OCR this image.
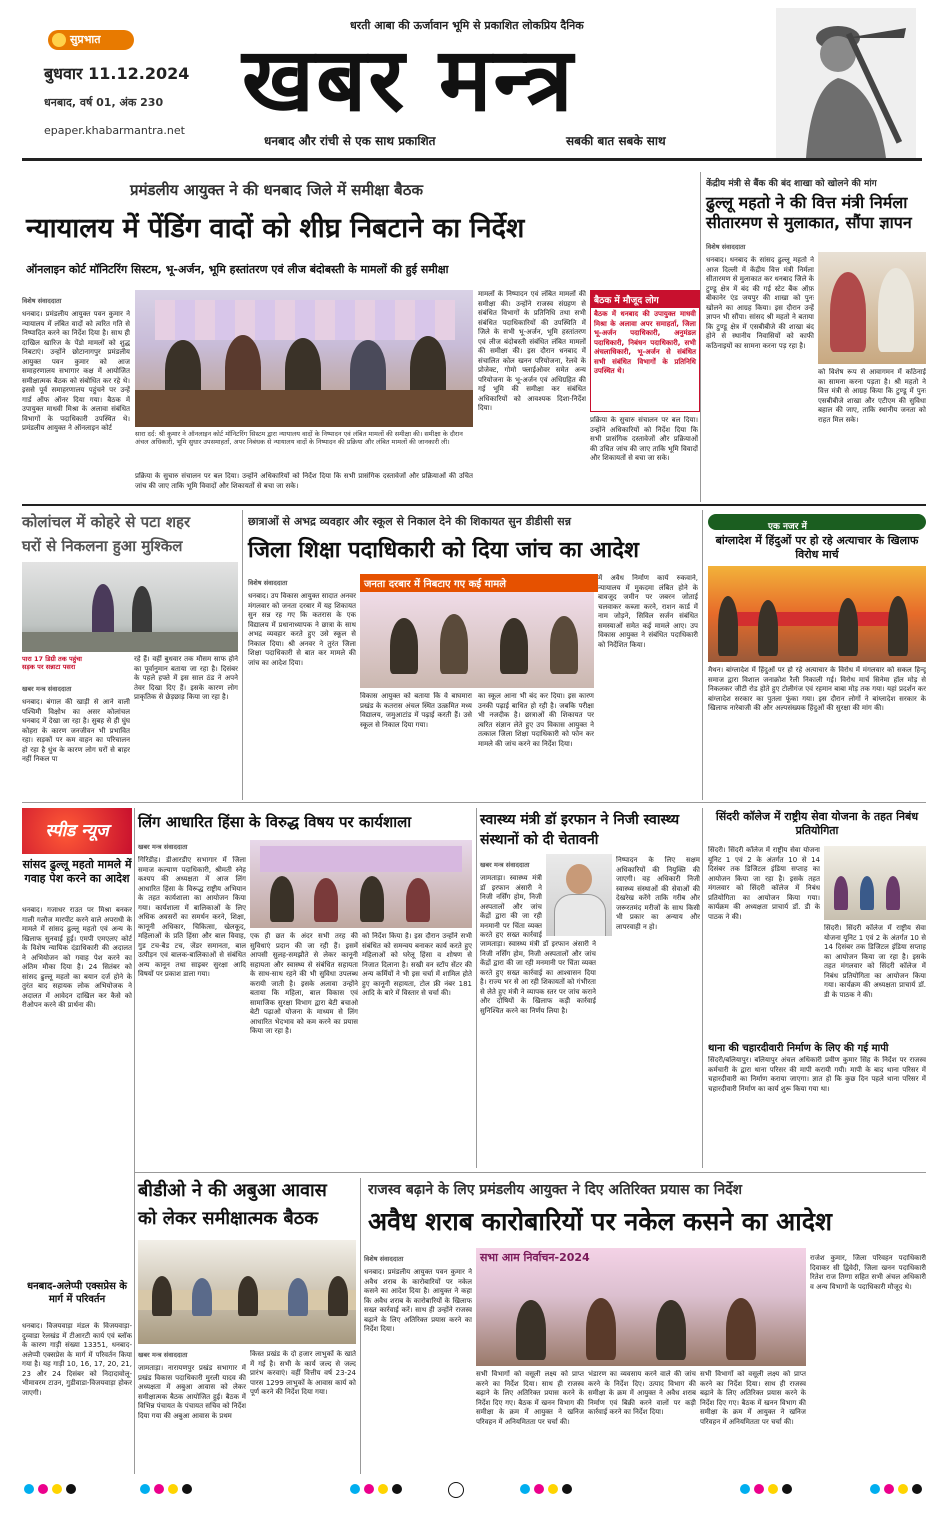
सुप्रभात
धरती आबा की ऊर्जावान भूमि से प्रकाशित लोकप्रिय दैनिक
खबर मन्त्र
धनबाद और रांची से एक साथ प्रकाशित	सबकी बात सबके साथ
बुधवार 11.12.2024
धनबाद, वर्ष 01, अंक 230
epaper.khabarmantra.net
प्रमंडलीय आयुक्त ने की धनबाद जिले में समीक्षा बैठक
न्यायालय में पेंडिंग वादों को शीघ्र निबटाने का निर्देश
ऑनलाइन कोर्ट मॉनिटरिंग सिस्टम, भू-अर्जन, भूमि हस्तांतरण एवं लीज बंदोबस्ती के मामलों की हुई समीक्षा
विशेष संवाददाता
धनबाद। प्रमंडलीय आयुक्त पवन कुमार ने न्यायालय में लंबित वादों को त्वरित गति से निष्पादित करने का निर्देश दिया है। साथ ही दाखिल खारिज के पेंडो मामलों को शुद्ध निबटाएं। उन्होंने छोटानागपुर प्रमंडलीय आयुक्त पवन कुमार को आज समाहरणालय सभागार कक्ष में आयोजित समीक्षात्मक बैठक को संबोधित कर रहे थे। इससे पूर्व समाहरणालय पहुंचने पर उन्हें गार्ड ऑफ ऑनर दिया गया। बैठक में उपायुक्त माधवी मिश्रा के अलावा संबंधित विभागों के पदाधिकारी उपस्थित थे। प्रमंडलीय आयुक्त ने ऑनलाइन कोर्ट
सारा दर्द: श्री कुमार ने ऑनलाइन कोर्ट मॉनिटरिंग सिस्टम द्वारा न्यायालय वादों के निष्पादन एवं लंबित मामलों की समीक्षा की। समीक्षा के दौरान अंचल अधिकारी, भूमि सुधार उपसमाहर्ता, अपर निबंधक से न्यायालय वादों के निष्पादन की प्रक्रिया और लंबित मामलों की जानकारी ली।
प्रक्रिया के सुचारु संचालन पर बल दिया। उन्होंने अधिकारियों को निर्देश दिया कि सभी प्रासंगिक दस्तावेजों और प्रक्रियाओं की उचित जांच की जाए ताकि भूमि विवादों और शिकायतों से बचा जा सके।
मामलों के निष्पादन एवं लंबित मामलों की समीक्षा की। उन्होंने राजस्व संग्रहण से संबंधित विभागों के प्रतिनिधि तथा सभी संबंधित पदाधिकारियों की उपस्थिति में जिले के सभी भू-अर्जन, भूमि हस्तांतरण एवं लीज बंदोबस्ती संबंधित लंबित मामलों की समीक्षा की। इस दौरान धनबाद में संचालित कोल खनन परियोजना, रेलवे के प्रोजेक्ट, गोमो फ्लाईओवर समेत अन्य परियोजना के भू-अर्जन एवं अधिग्रहित की गई भूमि की समीक्षा कर संबंधित अधिकारियों को आवश्यक दिशा-निर्देश दिया।
बैठक में मौजूद लोग
बैठक में धनबाद की उपायुक्त माधवी मिश्रा के अलावा अपर समाहर्ता, जिला भू-अर्जन पदाधिकारी, अनुमंडल पदाधिकारी, निबंधन पदाधिकारी, सभी अंचलाधिकारी, भू-अर्जन से संबंधित सभी संबंधित विभागों के प्रतिनिधि उपस्थित थे।
प्रक्रिया के सुचारु संचालन पर बल दिया। उन्होंने अधिकारियों को निर्देश दिया कि सभी प्रासंगिक दस्तावेजों और प्रक्रियाओं की उचित जांच की जाए ताकि भूमि विवादों और शिकायतों से बचा जा सके।
केंद्रीय मंत्री से बैंक की बंद शाखा को खोलने की मांग
ढुल्लू महतो ने की वित्त मंत्री निर्मला सीतारमण से मुलाकात, सौंपा ज्ञापन
विशेष संवाददाता
धनबाद। धनबाद के सांसद ढुल्लू महतो ने आज दिल्ली में केंद्रीय वित्त मंत्री निर्मला सीतारमण से मुलाकात कर धनबाद जिले के टुण्डू क्षेत्र में बंद की गई स्टेट बैंक ऑफ़ बीकानेर एंड जयपुर की शाखा को पुनः खोलने का आग्रह किया। इस दौरान उन्हें ज्ञापन भी सौंपा। सांसद श्री महतो ने बताया कि टुण्डू क्षेत्र में एसबीबीजे की शाखा बंद होने से स्थानीय निवासियों को काफी कठिनाइयों का सामना करना पड़ रहा है।
को विशेष रूप से आवागमन में कठिनाई का सामना करना पड़ता है। श्री महतो ने वित्त मंत्री से आग्रह किया कि टुण्डू में पुनः एसबीबीजे शाखा और एटीएम की सुविधा बहाल की जाए, ताकि स्थानीय जनता को राहत मिल सके।
कोलांचल में कोहरे से पटा शहर
घरों से निकलना हुआ मुश्किल
पारा 17 डिग्री तक पहुंचा
सड़क पर सन्नाटा पसरा
खबर मन्त्र संवाददाता
धनबाद। बंगाल की खाड़ी से आने वाली पश्चिमी विक्षोभ का असर कोलांचल धनबाद में देखा जा रहा है। सुबह से ही घुंघ कोहरा के कारण जनजीवन भी प्रभावित रहा। सड़कों पर कम वाहन का परिचालन हो रहा है धुंध के कारण लोग घरों से बाहर नहीं निकल पा
रहे हैं। वहीं बुधवार तक मौसम साफ होने का पूर्वानुमान बताया जा रहा है। दिसंबर के पहले हफ्ते में इस साल ठंड ने अपने तेवर दिखा दिए हैं। इसके कारण लोग प्राकृतिक से छेड़छाड़ किया जा रहा है।
छात्राओं से अभद्र व्यवहार और स्कूल से निकाल देने की शिकायत सुन डीडीसी सन्न
जिला शिक्षा पदाधिकारी को दिया जांच का आदेश
विशेष संवाददाता
धनबाद। उप विकास आयुक्त सादात अनवर मंगलवार को जनता दरबार में यह शिकायत सुन सन्न रह गए कि कतरास के एक विद्यालय में प्रधानाध्यापक ने छात्रा के साथ अभद्र व्यवहार करते हुए उसे स्कूल से निकाल दिया। श्री अनवर ने तुरंत जिला शिक्षा पदाधिकारी से बात कर मामले की जांच का आदेश दिया।
जनता दरबार में निबटाए गए कई मामले
विकास आयुक्त को बताया कि वे बाघमारा प्रखंड के कतरास अंचल स्थित उत्क्रमित मध्य विद्यालय, जमुआटांड में पढ़ाई करती हैं। उसे स्कूल से निकाल दिया गया।
का स्कूल आना भी बंद कर दिया। इस कारण उनकी पढ़ाई बाधित हो रही है। जबकि परीक्षा भी नजदीक है। छात्राओं की शिकायत पर त्वरित संज्ञान लेते हुए उप विकास आयुक्त ने तत्काल जिला शिक्षा पदाधिकारी को फोन कर मामले की जांच करने का निर्देश दिया।
में अवैध निर्माण कार्य रुकवाने, न्यायालय में मुकदमा लंबित होने के बावजूद जमीन पर जबरन जोताई चलवाकर कब्जा करने, राशन कार्ड में नाम जोड़ने, सिविल सर्जन संबंधित समस्याओं समेत कई मामले आए। उप विकास आयुक्त ने संबंधित पदाधिकारी को निर्देशित किया।
एक नजर में
बांग्लादेश में हिंदुओं पर हो रहे अत्याचार के खिलाफ विरोध मार्च
मैथन। बांग्लादेश में हिंदुओं पर हो रहे अत्याचार के विरोध में मंगलवार को सकल हिन्दू समाज द्वारा विशाल जनाक्रोश रैली निकाली गई। विरोध मार्च सिनेमा हॉल मोड़ से निकलकर जीटी रोड होते हुए टोलीगंज एवं रहमान बाबा मोड़ तक गया। यहां प्रदर्शन कर बांग्लादेश सरकार का पुतला फूंका गया। इस दौरान लोगों ने बांग्लादेश सरकार के खिलाफ नारेबाजी की और अल्पसंख्यक हिंदुओं की सुरक्षा की मांग की।
स्पीड न्यूज
सांसद ढुल्लू महतो मामले में गवाह पेश करने का आदेश
धनबाद। गजाधर राउत पर मिश्रा बनकर गाली गलौज मारपीट करने वाले अपराधी के मामले में सांसद ढुल्लू महतो एवं अन्य के खिलाफ सुनवाई हुई। एमपी एमएलए कोर्ट के विशेष न्यायिक दंडाधिकारी की अदालत ने अभियोजन को गवाह पेश करने का अंतिम मौका दिया है। 24 सितंबर को सांसद ढुल्लू महतो का बयान दर्ज होने के तुरंत बाद सहायक लोक अभियोजक ने अदालत में आवेदन दाखिल कर कैसे को रीओपन करने की प्रार्थना की।
धनबाद-अलेप्पी एक्सप्रेस के मार्ग में परिवर्तन
धनबाद। विजयवाड़ा मंडल के विजयवाड़ा-दुव्वाडा रेलखंड में टीआरटी कार्य एवं ब्लॉक के कारण गाड़ी संख्या 13351, धनबाद-अलेप्पी एक्सप्रेस के मार्ग में परिवर्तन किया गया है। यह गाड़ी 10, 16, 17, 20, 21, 23 और 24 दिसंबर को निदादावोलू-भीमावरम टाउन, गुडीवाडा-विजयवाड़ा होकर जाएगी।
लिंग आधारित हिंसा के विरुद्ध विषय पर कार्यशाला
खबर मन्त्र संवाददाता
गिरिडीह। डीआरडीए सभागार में जिला समाज कल्याण पदाधिकारी, श्रीमती स्नेह कश्यप की अध्यक्षता में आज लिंग आधारित हिंसा के विरूद्ध राष्ट्रीय अभियान के तहत कार्यशाला का आयोजन किया गया। कार्यशाला में बालिकाओं के लिए अधिक अवसरों का समर्थन करने, शिक्षा, कानूनी अधिकार, चिकित्सा, खेलकूद, महिलाओं के प्रति हिंसा और बाल विवाह, गुड टच-बैड टच, जेंडर समानता, बाल उत्पीड़न एवं बालक-बालिकाओं से संबंधित अन्य कानून तथा साइबर सुरक्षा आदि विषयों पर प्रकाश डाला गया।
एक ही छत के अंदर सभी तरह की सुविधाएं प्रदान की जा रही हैं। इसमें आपसी सुलह-समझौते से लेकर कानूनी सहायता और स्वास्थ्य से संबंधित सहायता के साथ-साथ रहने की भी सुविधा उपलब्ध करायी जाती है। इसके अलावा उन्होंने बताया कि महिला, बाल विकास एवं सामाजिक सुरक्षा विभाग द्वारा बेटी बचाओ बेटी पढ़ाओ योजना के माध्यम से लिंग आधारित भेदभाव को कम करने का प्रयास किया जा रहा है।
को निर्देश किया है। इस दौरान उन्होंने सभी संबंधित को समन्वय बनाकर कार्य करते हुए महिलाओं को घरेलू हिंसा व शोषण से निजात दिलाना है। सखी वन स्टॉप सेंटर की अन्य कर्मियों ने भी इस चर्चा में शामिल होते हुए कानूनी सहायता, टोल फ्री नंबर 181 आदि के बारे में विस्तार से चर्चा की।
स्वास्थ्य मंत्री डॉ इरफान ने निजी स्वास्थ्य संस्थानों को दी चेतावनी
खबर मन्त्र संवाददाता
जामताड़ा। स्वास्थ्य मंत्री डॉ इरफान अंसारी ने निजी नर्सिंग होम, निजी अस्पतालों और जांच केंद्रों द्वारा की जा रही मनमानी पर चिंता व्यक्त करते हुए सख्त कार्रवाई
जामताड़ा। स्वास्थ्य मंत्री डॉ इरफान अंसारी ने निजी नर्सिंग होम, निजी अस्पतालों और जांच केंद्रों द्वारा की जा रही मनमानी पर चिंता व्यक्त करते हुए सख्त कार्रवाई का आश्वासन दिया है। राज्य भर से आ रही शिकायतों को गंभीरता से लेते हुए मंत्री ने व्यापक स्तर पर जांच कराने और दोषियों के खिलाफ कड़ी कार्रवाई सुनिश्चित करने का निर्णय लिया है।
निष्पादन के लिए सक्षम अधिकारियों की नियुक्ति की जाएगी। वह अधिकारी निजी स्वास्थ्य संस्थाओं की सेवाओं की देखरेख करेंगे ताकि गरीब और जरूरतमंद मरीजों के साथ किसी भी प्रकार का अन्याय और लापरवाही न हो।
सिंदरी कॉलेज में राष्ट्रीय सेवा योजना के तहत निबंध प्रतियोगिता
सिंदरी। सिंदरी कॉलेज में राष्ट्रीय सेवा योजना यूनिट 1 एवं 2 के अंतर्गत 10 से 14 दिसंबर तक डिजिटल इंडिया सप्ताह का आयोजन किया जा रहा है। इसके तहत मंगलवार को सिंदरी कॉलेज में निबंध प्रतियोगिता का आयोजन किया गया। कार्यक्रम की अध्यक्षता प्राचार्य डॉ. डी के पाठक ने की।
सिंदरी। सिंदरी कॉलेज में राष्ट्रीय सेवा योजना यूनिट 1 एवं 2 के अंतर्गत 10 से 14 दिसंबर तक डिजिटल इंडिया सप्ताह का आयोजन किया जा रहा है। इसके तहत मंगलवार को सिंदरी कॉलेज में निबंध प्रतियोगिता का आयोजन किया गया। कार्यक्रम की अध्यक्षता प्राचार्य डॉ. डी के पाठक ने की।
थाना की चहारदीवारी निर्माण के लिए की गई मापी
सिंदरी/बलियापुर। बलियापुर अंचल अधिकारी प्रवीण कुमार सिंह के निर्देश पर राजस्व कर्मचारी के द्वारा थाना परिसर की मापी करायी गयी। मापी के बाद थाना परिसर में चहारदीवारी का निर्माण कराया जाएगा। ज्ञात हो कि कुछ दिन पहले थाना परिसर में चहारदीवारी निर्माण का कार्य शुरू किया गया था।
बीडीओ ने की अबुआ आवास
को लेकर समीक्षात्मक बैठक
खबर मन्त्र संवाददाता
जामताड़ा। नारायणपुर प्रखंड सभागार में प्रखंड विकास पदाधिकारी मुरली यादव की अध्यक्षता में अबुआ आवास को लेकर समीक्षात्मक बैठक आयोजित हुई। बैठक में विभिन्न पंचायत के पंचायत सचिव को निर्देश दिया गया की अबुआ आवास के प्रथम
किस्त प्रखंड के दो हजार लाभुकों के खाते में गई है। सभी के कार्य जल्द से जल्द प्रारंभ करवाएं। वहीं वित्तीय वर्ष 23-24 पारस 1299 लाभुकों के आवास कार्य को पूर्ण करने की निर्देश दिया गया।
राजस्व बढ़ाने के लिए प्रमंडलीय आयुक्त ने दिए अतिरिक्त प्रयास का निर्देश
अवैध शराब कारोबारियों पर नकेल कसने का आदेश
विशेष संवाददाता
धनबाद। प्रमंडलीय आयुक्त पवन कुमार ने अवैध शराब के कारोबारियों पर नकेल कसने का आदेश दिया है। आयुक्त ने कहा कि अवैध शराब के कारोबारियों के खिलाफ सख्त कार्रवाई करें। साथ ही उन्होंने राजस्व बढ़ाने के लिए अतिरिक्त प्रयास करने का निर्देश दिया।
सभा आम निर्वाचन-2024
सभी विभागों को वसूली लक्ष्य को प्राप्त करने का निर्देश दिया। साथ ही राजस्व बढ़ाने के लिए अतिरिक्त प्रयास करने के निर्देश दिए गए। बैठक में खनन विभाग की समीक्षा के क्रम में आयुक्त ने खनिज परिवहन में अनियमितता पर चर्चा की।
भंडारण का व्यवसाय करने वाले की जांच करने के निर्देश दिए। उत्पाद विभाग की समीक्षा के क्रम में आयुक्त ने अवैध शराब निर्माण एवं बिक्री करने वालों पर कड़ी कार्रवाई करने का निर्देश दिया।
सभी विभागों को वसूली लक्ष्य को प्राप्त करने का निर्देश दिया। साथ ही राजस्व बढ़ाने के लिए अतिरिक्त प्रयास करने के निर्देश दिए गए। बैठक में खनन विभाग की समीक्षा के क्रम में आयुक्त ने खनिज परिवहन में अनियमितता पर चर्चा की।
राजेश कुमार, जिला परिवहन पदाधिकारी दिवाकर सी द्विवेदी, जिला खनन पदाधिकारी रितेश राज तिग्गा सहित सभी अंचल अधिकारी व अन्य विभागों के पदाधिकारी मौजूद थे।
